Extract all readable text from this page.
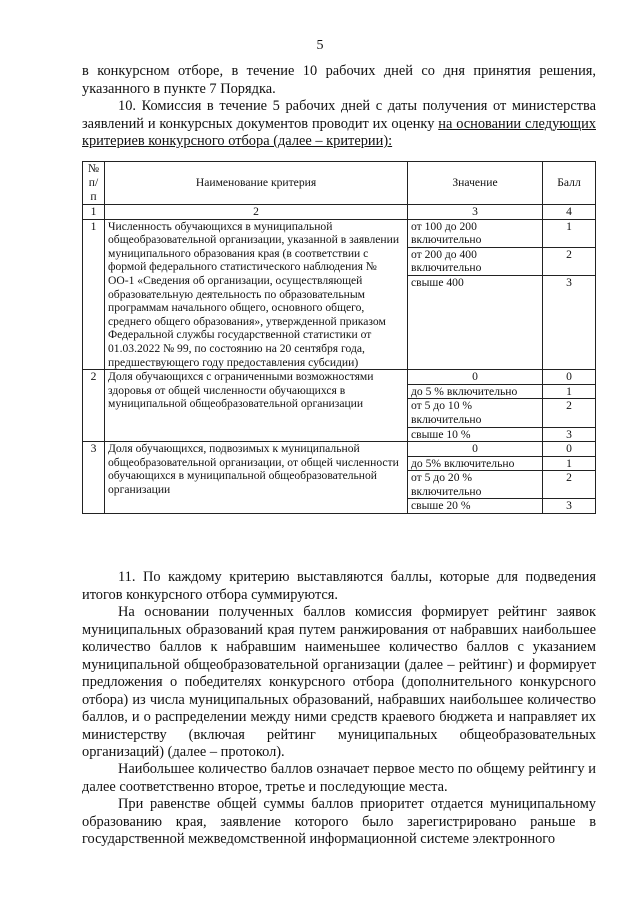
5
в конкурсном отборе, в течение 10 рабочих дней со дня принятия решения, указанного в пункте 7 Порядка.
10. Комиссия в течение 5 рабочих дней с даты получения от министерства заявлений и конкурсных документов проводит их оценку на основании следующих критериев конкурсного отбора (далее – критерии):
№ п/п	Наименование критерия	Значение	Балл
1	2	3	4
1	Численность обучающихся в муниципальной общеобразовательной организации, указанной в заявлении муниципального образования края (в соответствии с формой федерального статистического наблюдения № ОО-1 «Сведения об организации, осуществляющей образовательную деятельность по образовательным программам начального общего, основного общего, среднего общего образования», утвержденной приказом Федеральной службы государственной статистики от 01.03.2022 № 99, по состоянию на 20 сентября года, предшествующего году предоставления субсидии)	от 100 до 200 включительно	1
		от 200 до 400 включительно	2
		свыше 400	3
2	Доля обучающихся с ограниченными возможностями здоровья от общей численности обучающихся в муниципальной общеобразовательной организации	0	0
		до 5 % включительно	1
		от 5 до 10 % включительно	2
		свыше 10 %	3
3	Доля обучающихся, подвозимых к муниципальной общеобразовательной организации, от общей численности обучающихся в муниципальной общеобразовательной организации	0	0
		до 5% включительно	1
		от 5 до 20 % включительно	2
		свыше 20 %	3
11. По каждому критерию выставляются баллы, которые для подведения итогов конкурсного отбора суммируются.
На основании полученных баллов комиссия формирует рейтинг заявок муниципальных образований края путем ранжирования от набравших наибольшее количество баллов к набравшим наименьшее количество баллов с указанием муниципальной общеобразовательной организации (далее – рейтинг) и формирует предложения о победителях конкурсного отбора (дополнительного конкурсного отбора) из числа муниципальных образований, набравших наибольшее количество баллов, и о распределении между ними средств краевого бюджета и направляет их министерству (включая рейтинг муниципальных общеобразовательных организаций) (далее – протокол).
Наибольшее количество баллов означает первое место по общему рейтингу и далее соответственно второе, третье и последующие места.
При равенстве общей суммы баллов приоритет отдается муниципальному образованию края, заявление которого было зарегистрировано раньше в государственной межведомственной информационной системе электронного
